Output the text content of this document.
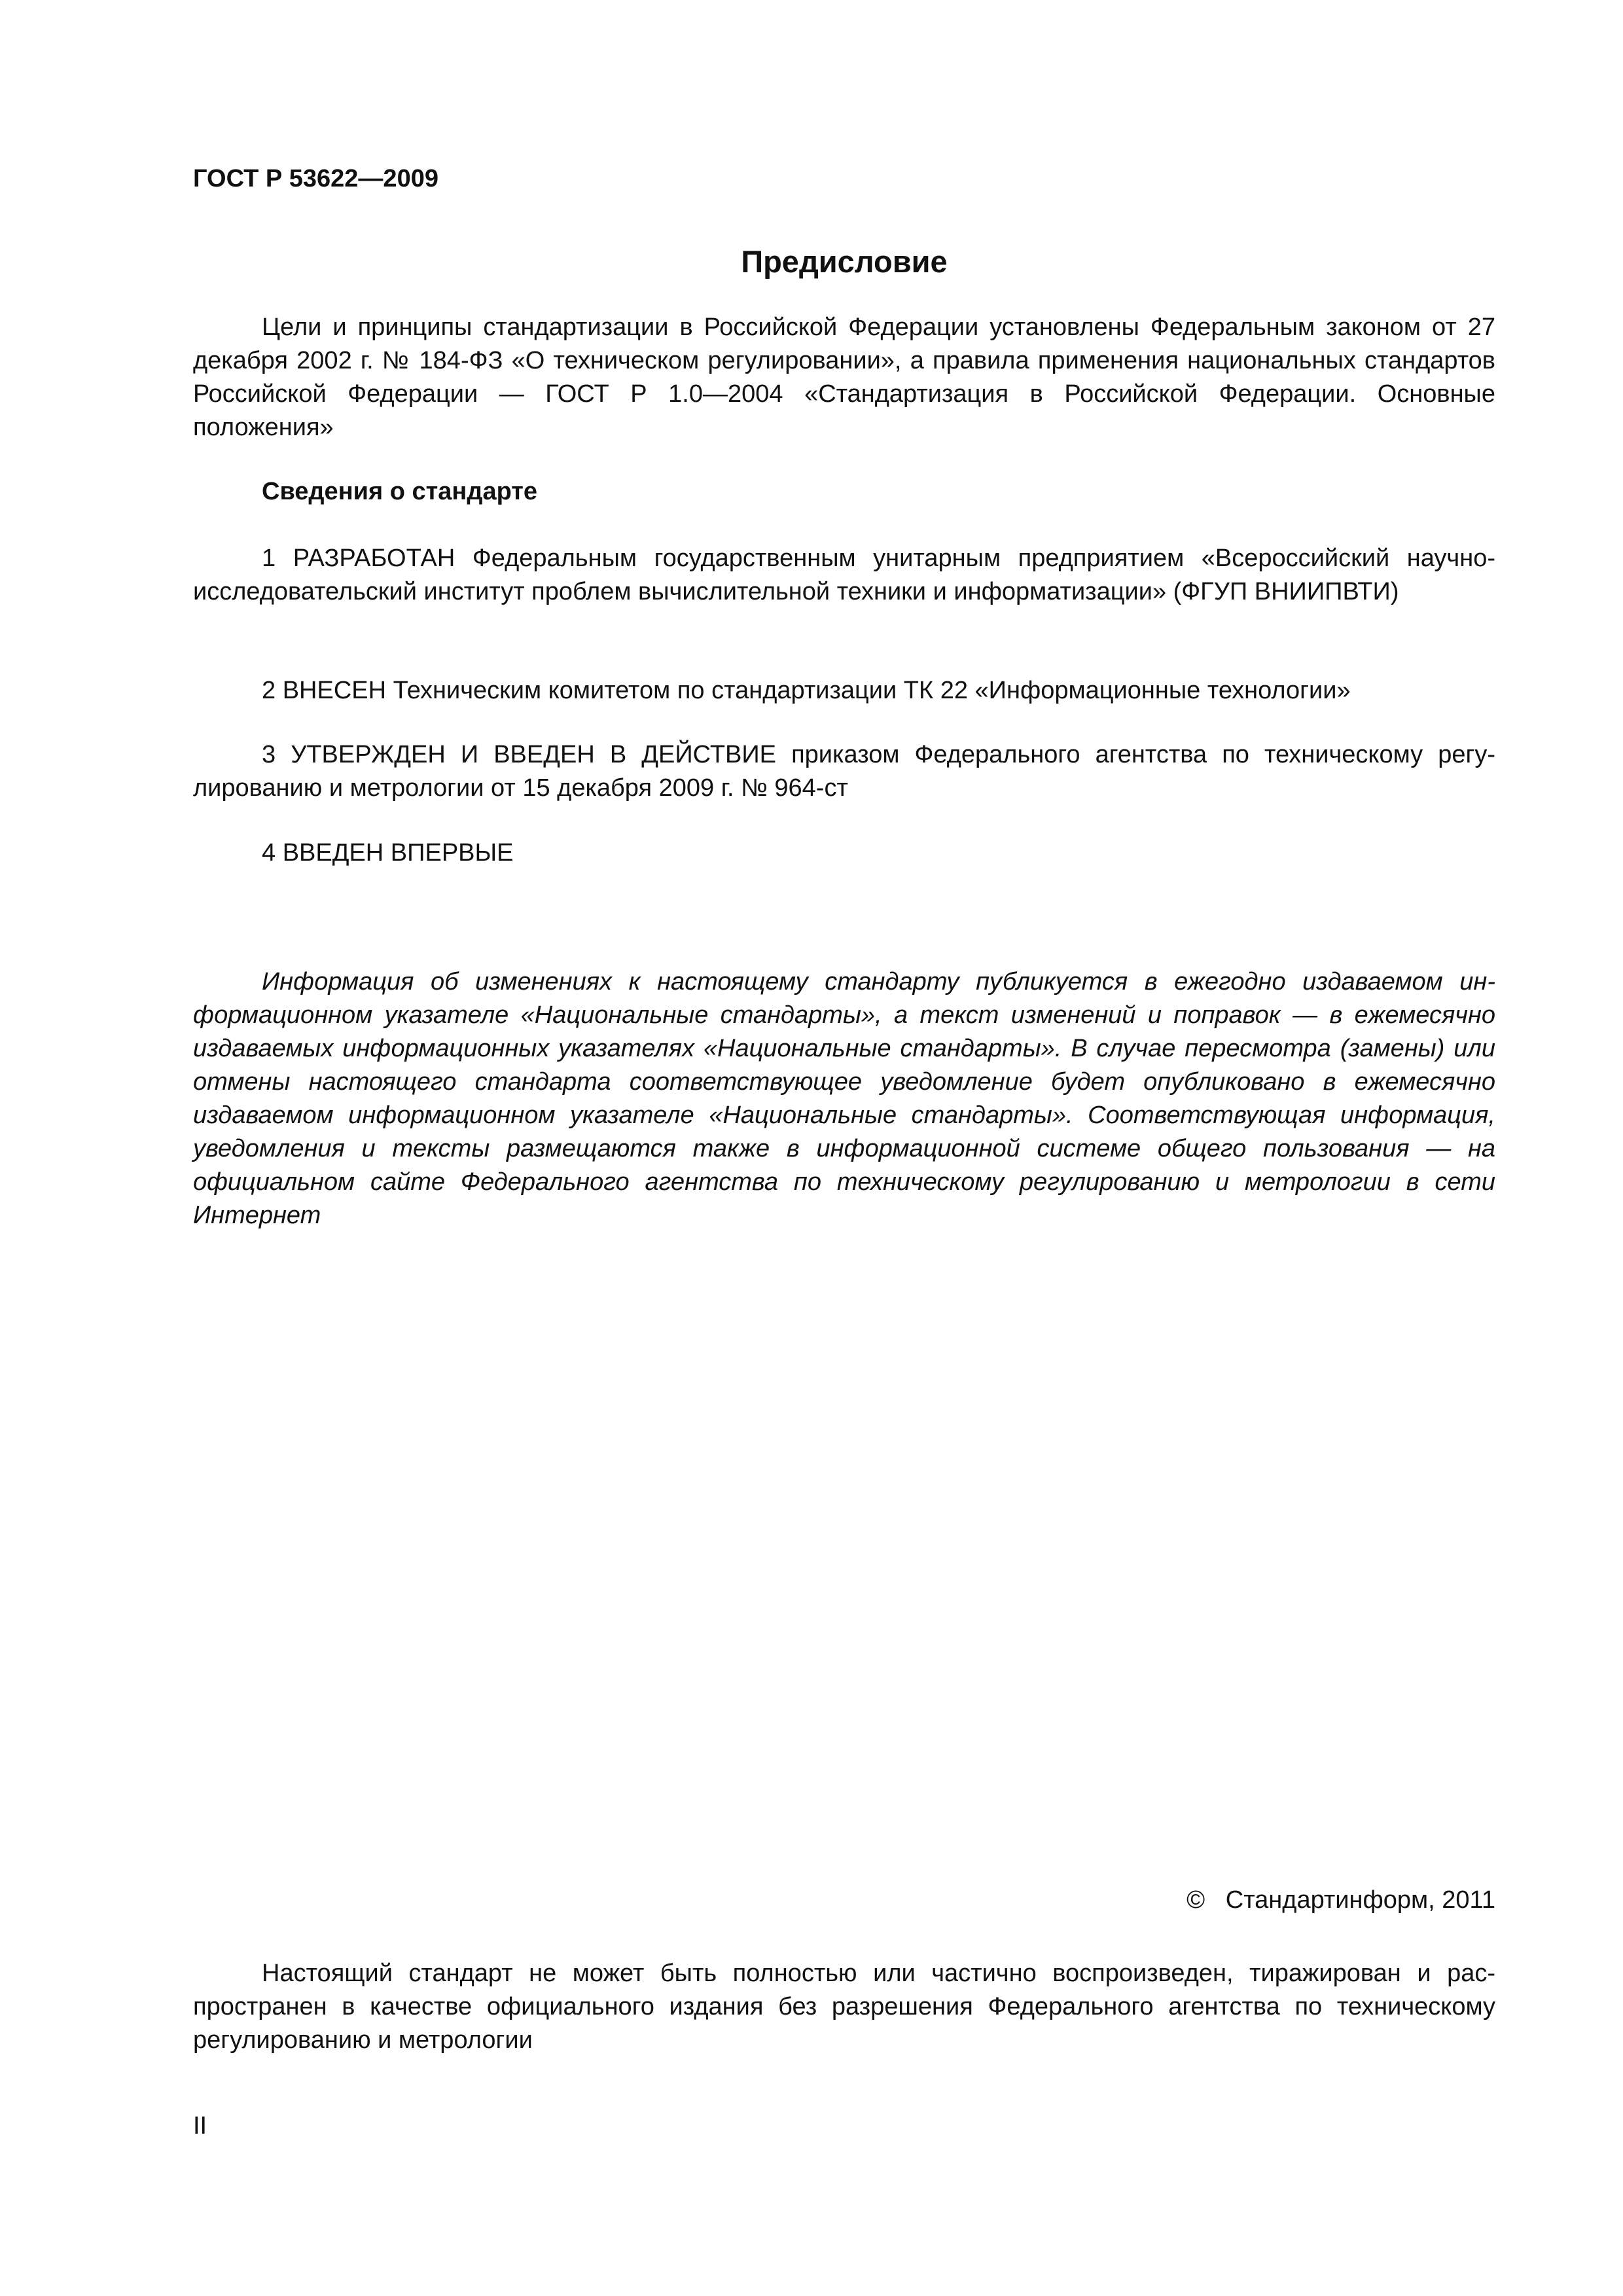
ГОСТ Р 53622—2009

Предисловие

Цели и принципы стандартизации в Российской Федерации установлены Федеральным законом от 27 декабря 2002 г. № 184-ФЗ «О техническом регулировании», а правила применения национальных стандартов Российской Федерации — ГОСТ Р 1.0—2004 «Стандартизация в Российской Федерации. Основные положения»

Сведения о стандарте

1 РАЗРАБОТАН Федеральным государственным унитарным предприятием «Всероссийский научно-исследовательский институт проблем вычислительной техники и информатизации» (ФГУП ВНИИПВТИ)

2 ВНЕСЕН Техническим комитетом по стандартизации ТК 22 «Информационные технологии»

3 УТВЕРЖДЕН И ВВЕДЕН В ДЕЙСТВИЕ приказом Федерального агентства по техническому регулированию и метрологии от 15 декабря 2009 г. № 964-ст

4 ВВЕДЕН ВПЕРВЫЕ

Информация об изменениях к настоящему стандарту публикуется в ежегодно издаваемом информационном указателе «Национальные стандарты», а текст изменений и поправок — в ежемесячно издаваемых информационных указателях «Национальные стандарты». В случае пересмотра (замены) или отмены настоящего стандарта соответствующее уведомление будет опубликовано в ежемесячно издаваемом информационном указателе «Национальные стандарты». Соответствующая информация, уведомления и тексты размещаются также в информационной системе общего пользования — на официальном сайте Федерального агентства по техническому регулированию и метрологии в сети Интернет

©   Стандартинформ, 2011

Настоящий стандарт не может быть полностью или частично воспроизведен, тиражирован и распространен в качестве официального издания без разрешения Федерального агентства по техническому регулированию и метрологии

II
